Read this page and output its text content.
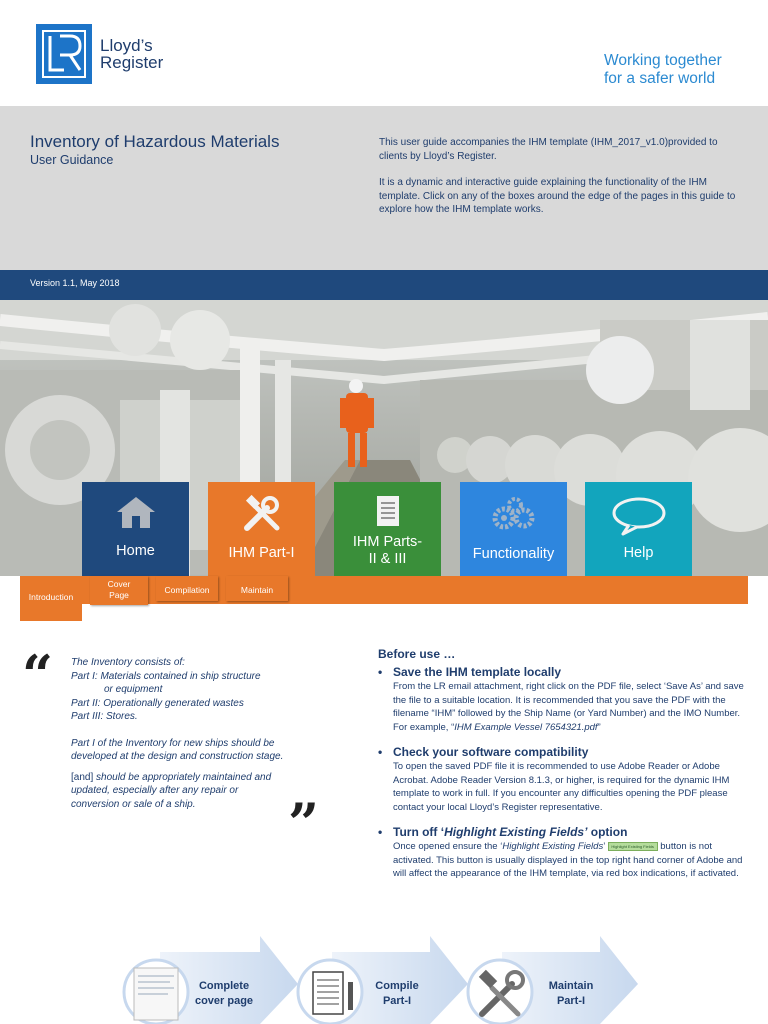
Lloyd’s
Register	Working together
for a safer world
Inventory of Hazardous Materials
User Guidance

This user guide accompanies the IHM template (IHM_2017_v1.0)provided to clients by Lloyd’s Register.

It is a dynamic and interactive guide explaining the functionality of the IHM template. Click on any of the boxes around the edge of the pages in this guide to explore how the IHM template works.

Version 1.1, May 2018
Home	IHM Part-I
IHM Parts-
II & III	Functionality	Help
Introduction
Cover
Page	Compilation	Maintain
“ The Inventory consists of:
Part I: Materials contained in ship structure
or equipment
Part II: Operationally generated wastes
Part III: Stores.
Part I of the Inventory for new ships should be developed at the design and construction stage.
[and] should be appropriately maintained and updated, especially after any repair or conversion or sale of a ship.	”
Before use …
• Save the IHM template locally

From the LR email attachment, right click on the PDF file, select ‘Save As’ and save the file to a suitable location. It is recommended that you save the PDF with the filename “IHM” followed by the Ship Name (or Yard Number) and the IMO Number. For example, “IHM Example Vessel 7654321.pdf”

• Check your software compatibility

To open the saved PDF file it is recommended to use Adobe Reader or Adobe Acrobat. Adobe Reader Version 8.1.3, or higher, is required for the dynamic IHM template to work in full. If you encounter any difficulties opening the PDF please contact your local Lloyd’s Register representative.

• Turn off ‘Highlight Existing Fields’ option

Once opened ensure the ‘Highlight Existing Fields’ Highlight Existing Fields button is not activated. This button is usually displayed in the top right hand corner of Adobe and will affect the appearance of the IHM template, via red box indications, if activated.

Complete
cover page
Compile
Part-I
Maintain
Part-I
